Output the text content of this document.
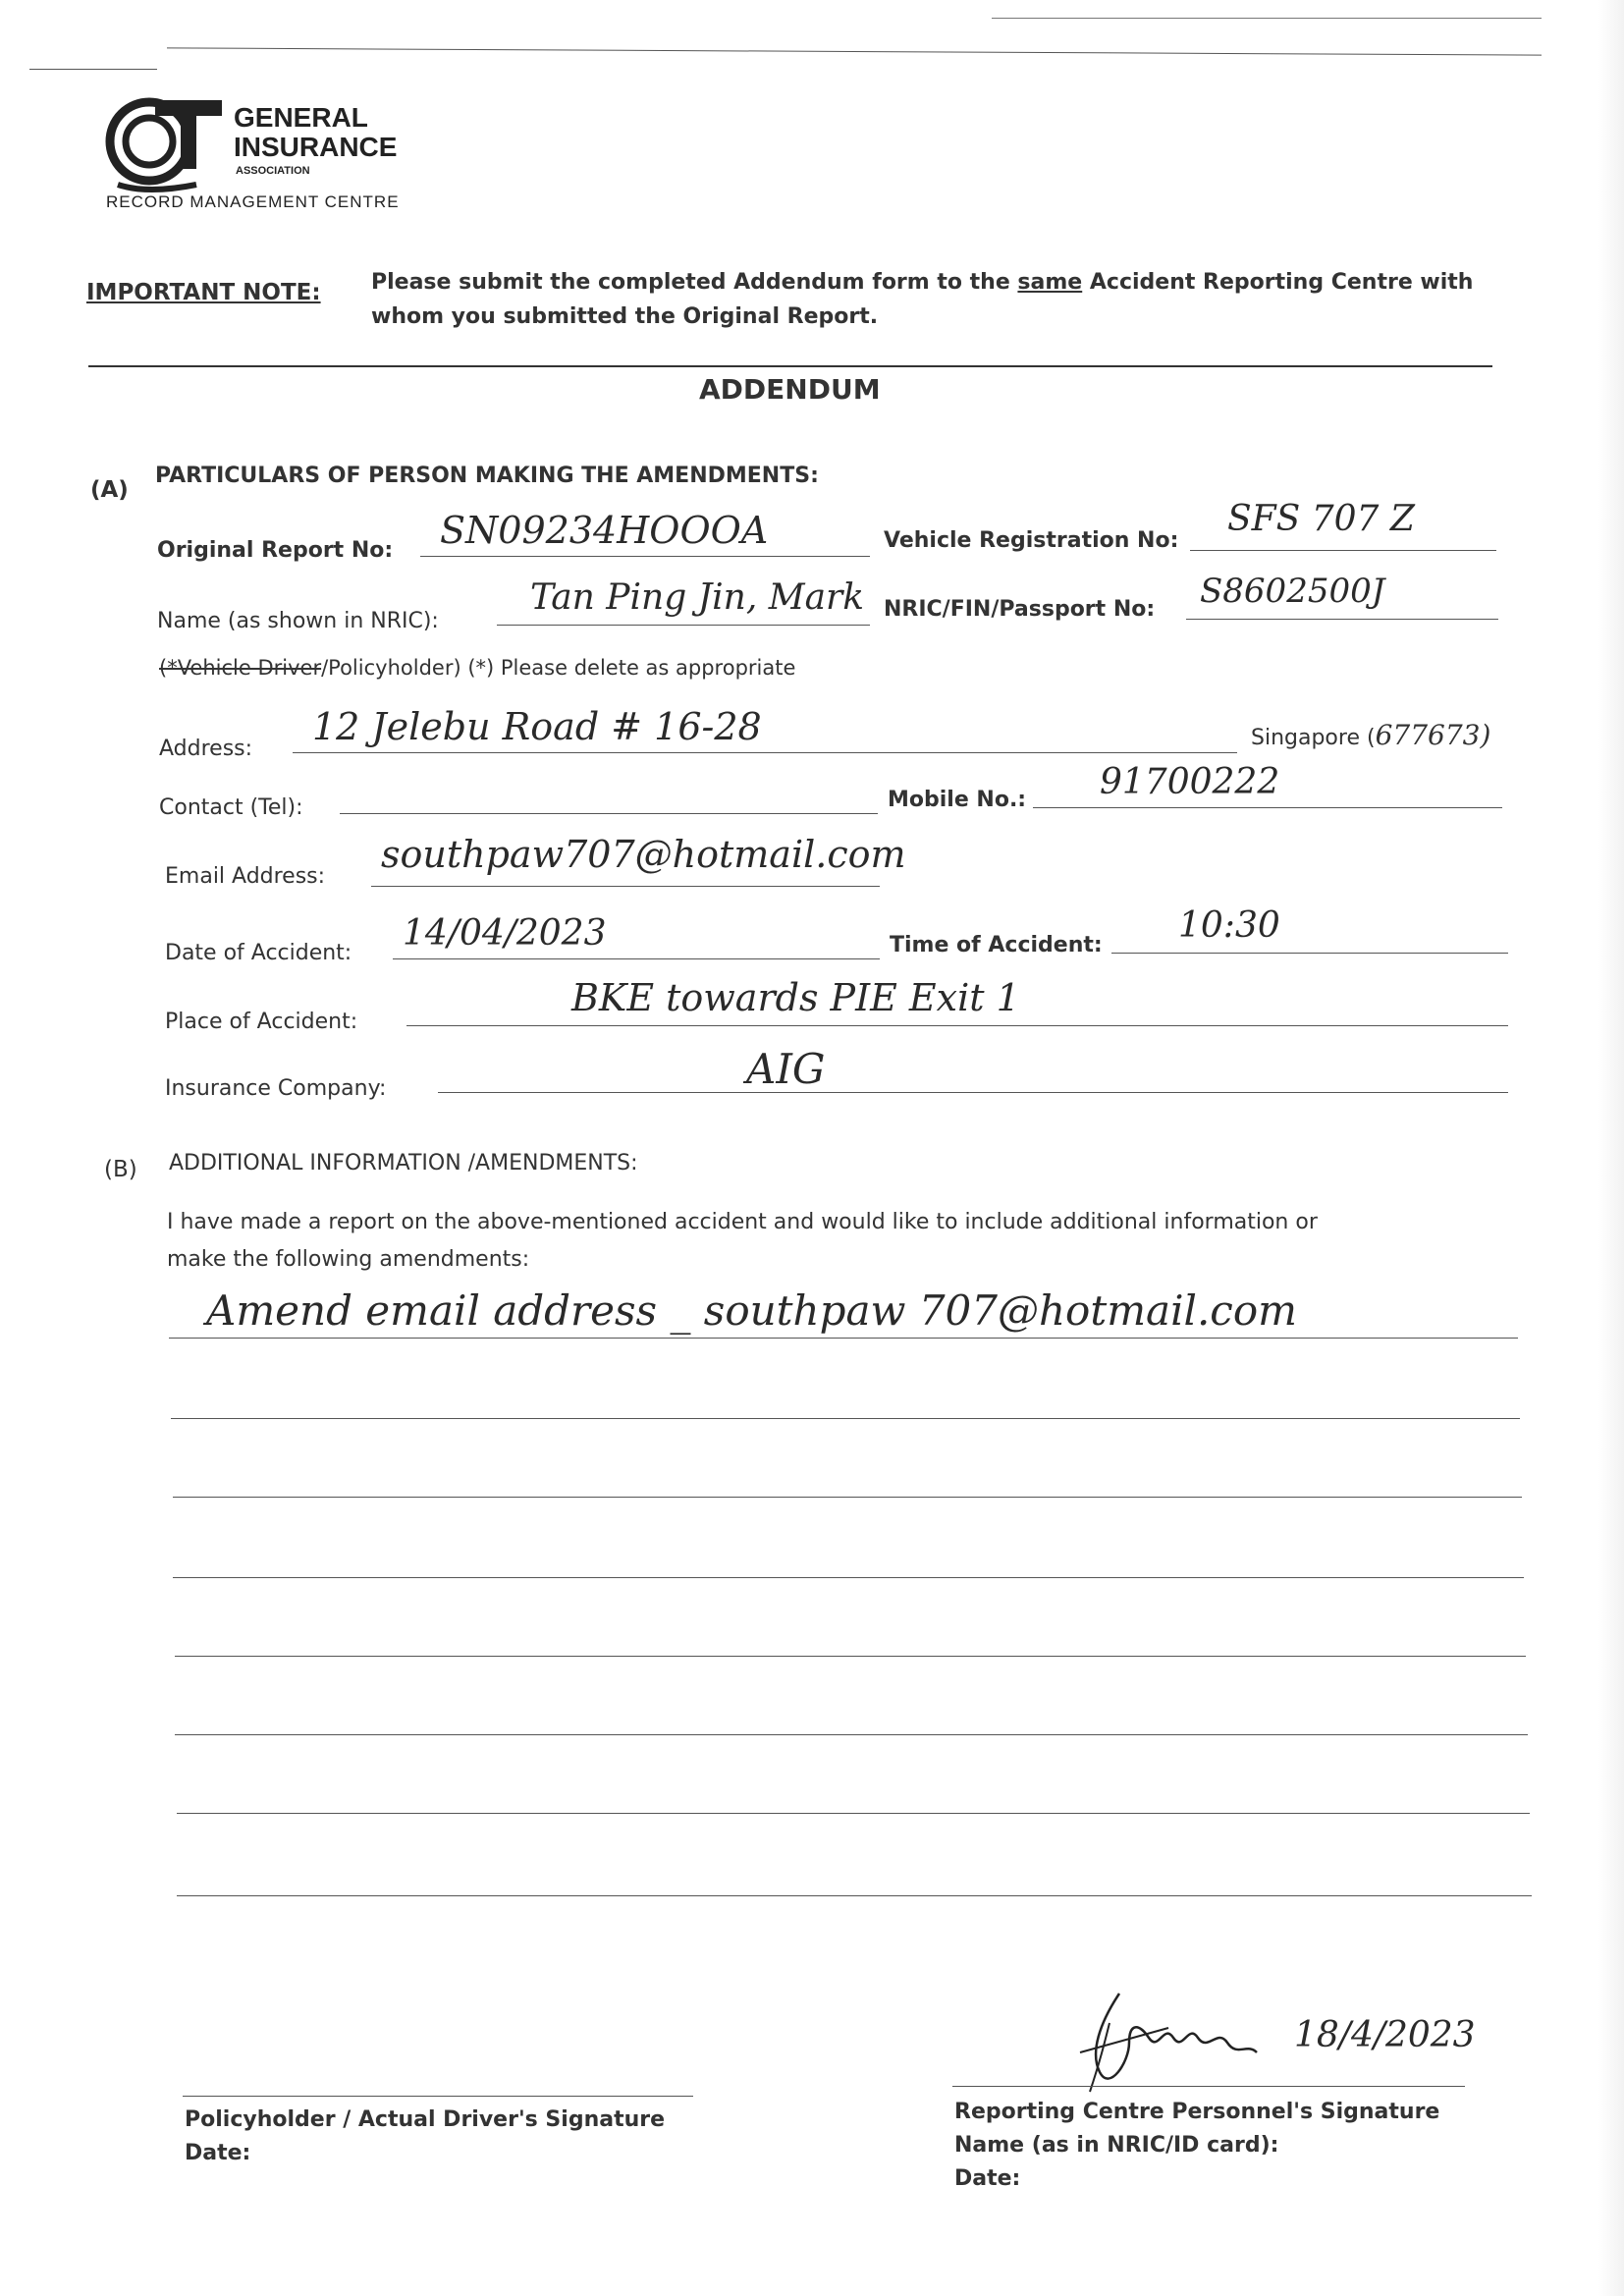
GENERAL
INSURANCE
ASSOCIATION
RECORD MANAGEMENT CENTRE
IMPORTANT NOTE: Please submit the completed Addendum form to the same Accident Reporting Centre with
whom you submitted the Original Report.
ADDENDUM
(A)
PARTICULARS OF PERSON MAKING THE AMENDMENTS:
Original Report No: SN09234HOOOA	Vehicle Registration No:
SFS 707 Z
Name (as shown in NRIC):
Tan Ping Jin, Mark NRIC/FIN/Passport No: S8602500J
(*Vehicle Driver/Policyholder) (*) Please delete as appropriate
Address:
12 Jelebu Road # 16-28	Singapore (677673)
Contact (Tel):	Mobile No.: 91700222
Email Address:
southpaw707@hotmail.com
Date of Accident: 14/04/2023	Time of Accident: 10:30
Place of Accident:
BKE towards PIE Exit 1
Insurance Company:	AIG
(B) ADDITIONAL INFORMATION /AMENDMENTS:
I have made a report on the above-mentioned accident and would like to include additional information or
make the following amendments:
Amend email address _ southpaw 707@hotmail.com
Policyholder / Actual Driver's Signature
Date:
18/4/2023
Reporting Centre Personnel's Signature
Name (as in NRIC/ID card):
Date:
